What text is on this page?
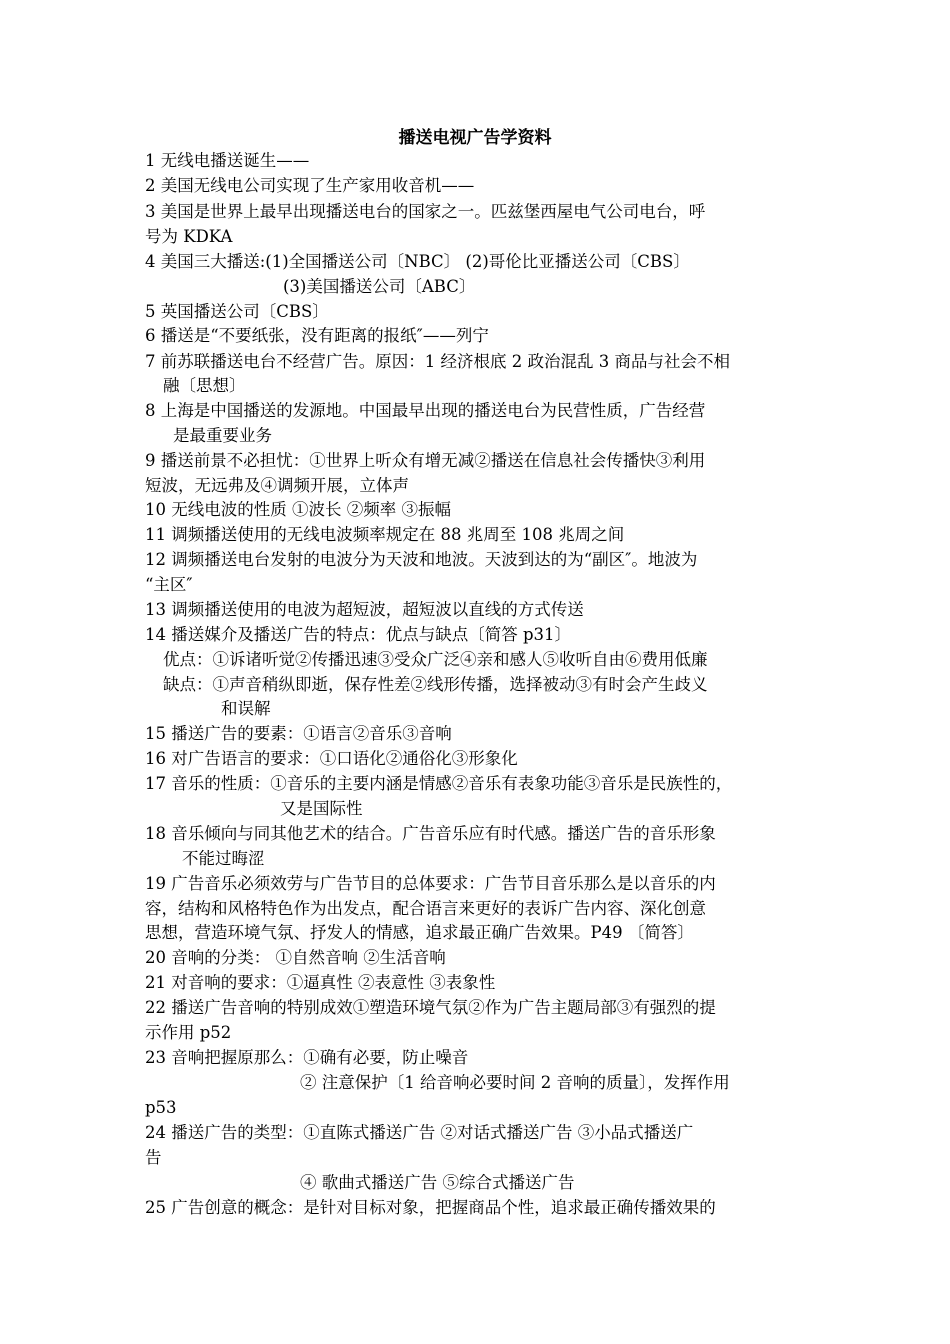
播送电视广告学资料
1 无线电播送诞生——
2 美国无线电公司实现了生产家用收音机——
3 美国是世界上最早出现播送电台的国家之一。匹兹堡西屋电气公司电台，呼
号为 KDKA
4 美国三大播送:(1)全国播送公司〔NBC〕 (2)哥伦比亚播送公司〔CBS〕
(3)美国播送公司〔ABC〕
5 英国播送公司〔CBS〕
6 播送是“不要纸张，没有距离的报纸″——列宁
7 前苏联播送电台不经营广告。原因：1 经济根底 2 政治混乱 3 商品与社会不相
融〔思想〕
8 上海是中国播送的发源地。中国最早出现的播送电台为民营性质，广告经营
是最重要业务
9 播送前景不必担忧：①世界上听众有增无减②播送在信息社会传播快③利用
短波，无远弗及④调频开展，立体声
10 无线电波的性质 ①波长 ②频率 ③振幅
11 调频播送使用的无线电波频率规定在 88 兆周至 108 兆周之间
12 调频播送电台发射的电波分为天波和地波。天波到达的为“副区″。地波为
“主区″
13 调频播送使用的电波为超短波，超短波以直线的方式传送
14 播送媒介及播送广告的特点：优点与缺点〔简答 p31〕
优点：①诉诸听觉②传播迅速③受众广泛④亲和感人⑤收听自由⑥费用低廉
缺点：①声音稍纵即逝，保存性差②线形传播，选择被动③有时会产生歧义
和误解
15 播送广告的要素：①语言②音乐③音响
16 对广告语言的要求：①口语化②通俗化③形象化
17 音乐的性质：①音乐的主要内涵是情感②音乐有表象功能③音乐是民族性的，
又是国际性
18 音乐倾向与同其他艺术的结合。广告音乐应有时代感。播送广告的音乐形象
不能过晦涩
19 广告音乐必须效劳与广告节目的总体要求：广告节目音乐那么是以音乐的内
容，结构和风格特色作为出发点，配合语言来更好的表诉广告内容、深化创意
思想，营造环境气氛、抒发人的情感，追求最正确广告效果。P49 〔简答〕
20 音响的分类： ①自然音响 ②生活音响
21 对音响的要求：①逼真性 ②表意性 ③表象性
22 播送广告音响的特别成效①塑造环境气氛②作为广告主题局部③有强烈的提
示作用 p52
23 音响把握原那么：①确有必要，防止噪音
② 注意保护〔1 给音响必要时间 2 音响的质量〕，发挥作用
p53
24 播送广告的类型：①直陈式播送广告 ②对话式播送广告 ③小品式播送广
告
④ 歌曲式播送广告 ⑤综合式播送广告
25 广告创意的概念：是针对目标对象，把握商品个性，追求最正确传播效果的
